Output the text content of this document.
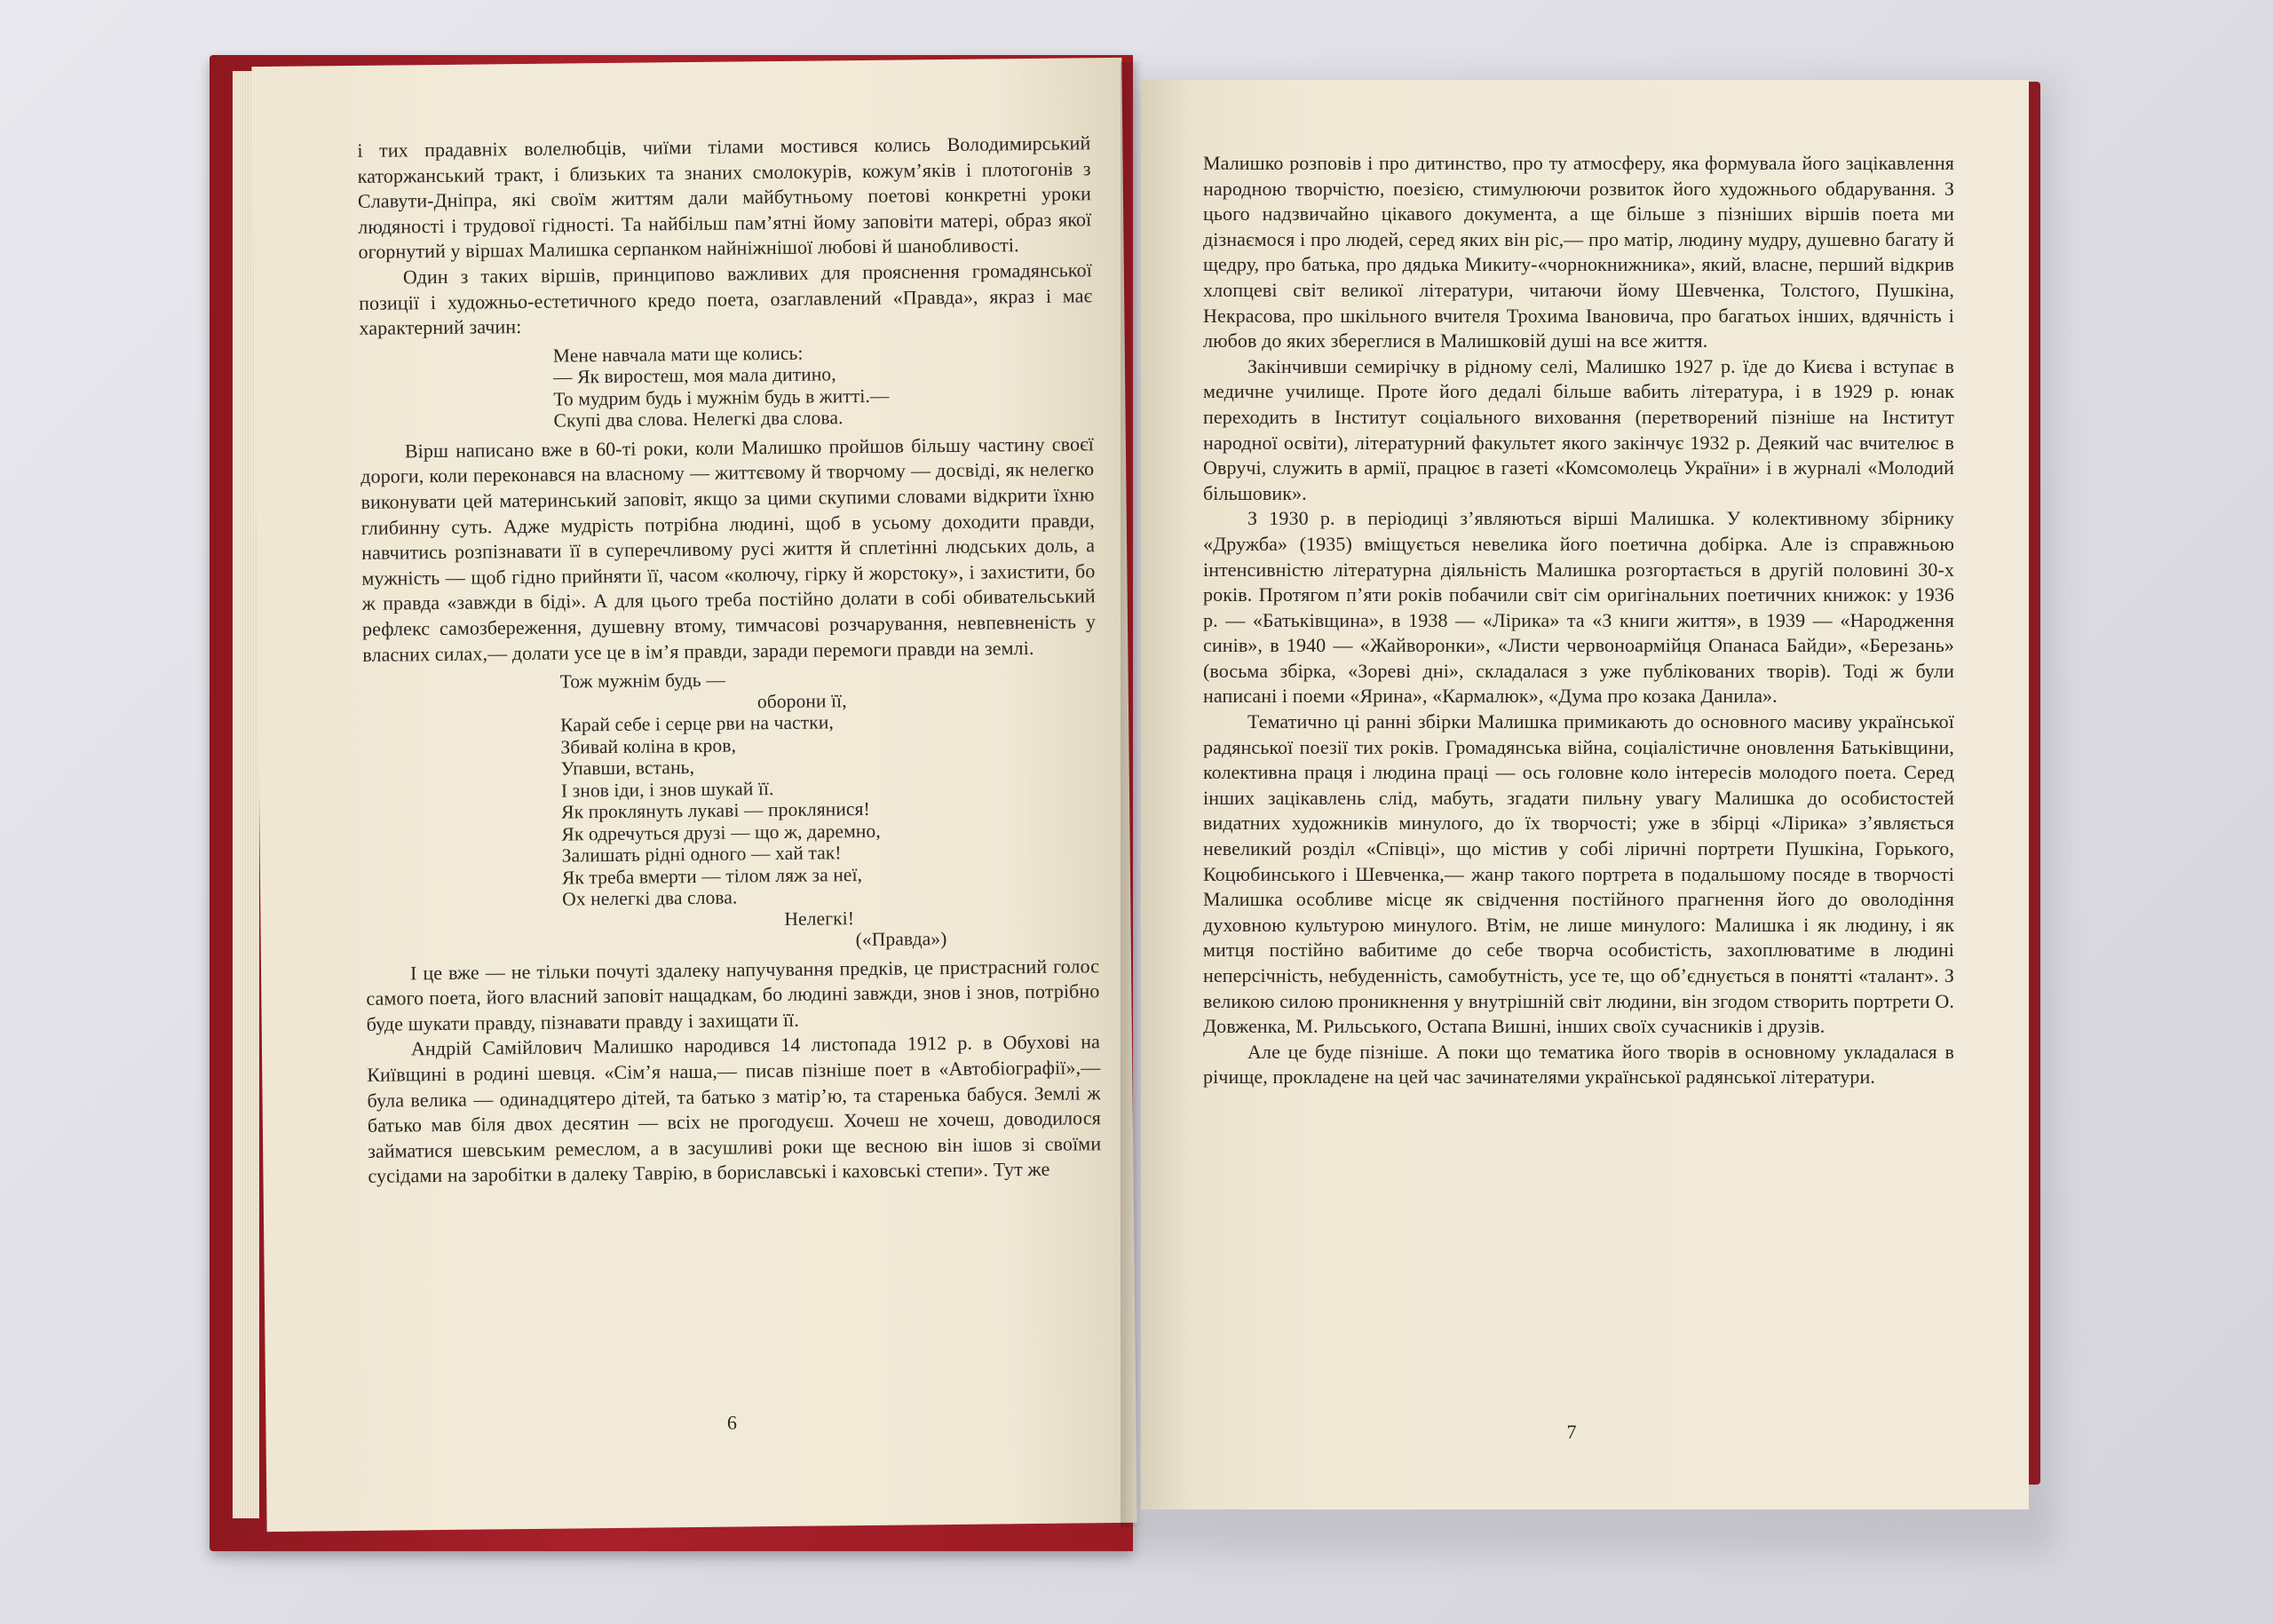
і тих прадавніх волелюбців, чиїми тілами мостився колись Володимирський каторжанський тракт, і близьких та знаних смолокурів, кожум’яків і плотогонів з Славути-Дніпра, які своїм життям дали майбутньому поетові конкретні уроки людяності і трудової гідності. Та найбільш пам’ятні йому заповіти матері, образ якої огорнутий у віршах Малишка серпанком найніжнішої любові й шанобливості.

Один з таких віршів, принципово важливих для прояснення громадянської позиції і художньо-естетичного кредо поета, озаглавлений «Правда», якраз і має характерний зачин:

Мене навчала мати ще колись:
— Як виростеш, моя мала дитино,
То мудрим будь і мужнім будь в житті.—
Скупі два слова. Нелегкі два слова.

Вірш написано вже в 60-ті роки, коли Малишко пройшов більшу частину своєї дороги, коли переконався на власному — життєвому й творчому — досвіді, як нелегко виконувати цей материнський заповіт, якщо за цими скупими словами відкрити їхню глибинну суть. Адже мудрість потрібна людині, щоб в усьому доходити правди, навчитись розпізнавати її в суперечливому русі життя й сплетінні людських доль, а мужність — щоб гідно прийняти її, часом «колючу, гірку й жорстоку», і захистити, бо ж правда «завжди в біді». А для цього треба постійно долати в собі обивательський рефлекс самозбереження, душевну втому, тимчасові розчарування, невпевненість у власних силах,— долати усе це в ім’я правди, заради перемоги правди на землі.

Тож мужнім будь —
оборони її,
Карай себе і серце рви на частки,
Збивай коліна в кров,
Упавши, встань,
І знов іди, і знов шукай її.
Як проклянуть лукаві — проклянися!
Як одречуться друзі — що ж, даремно,
Залишать рідні одного — хай так!
Як треба вмерти — тілом ляж за неї,
Ох нелегкі два слова.
Нелегкі!
(«Правда»)

І це вже — не тільки почуті здалеку напучування предків, це пристрасний голос самого поета, його власний заповіт нащадкам, бо людині завжди, знов і знов, потрібно буде шукати правду, пізнавати правду і захищати її.

Андрій Самійлович Малишко народився 14 листопада 1912 р. в Обухові на Київщині в родині шевця. «Сім’я наша,— писав пізніше поет в «Автобіографії»,— була велика — одинадцятеро дітей, та батько з матір’ю, та старенька бабуся. Землі ж батько мав біля двох десятин — всіх не прогодуєш. Хочеш не хочеш, доводилося займатися шевським ремеслом, а в засушливі роки ще весною він ішов зі своїми сусідами на заробітки в далеку Таврію, в бориславські і каховські степи». Тут же

6

Малишко розповів і про дитинство, про ту атмосферу, яка формувала його зацікавлення народною творчістю, поезією, стимулюючи розвиток його художнього обдарування. З цього надзвичайно цікавого документа, а ще більше з пізніших віршів поета ми дізнаємося і про людей, серед яких він ріс,— про матір, людину мудру, душевно багату й щедру, про батька, про дядька Микиту-«чорнокнижника», який, власне, перший відкрив хлопцеві світ великої літератури, читаючи йому Шевченка, Толстого, Пушкіна, Некрасова, про шкільного вчителя Трохима Івановича, про багатьох інших, вдячність і любов до яких збереглися в Малишковій душі на все життя.

Закінчивши семирічку в рідному селі, Малишко 1927 р. їде до Києва і вступає в медичне училище. Проте його дедалі більше вабить література, і в 1929 р. юнак переходить в Інститут соціального виховання (перетворений пізніше на Інститут народної освіти), літературний факультет якого закінчує 1932 р. Деякий час вчителює в Овручі, служить в армії, працює в газеті «Комсомолець України» і в журналі «Молодий більшовик».

З 1930 р. в періодиці з’являються вірші Малишка. У колективному збірнику «Дружба» (1935) вміщується невелика його поетична добірка. Але із справжньою інтенсивністю літературна діяльність Малишка розгортається в другій половині 30-х років. Протягом п’яти років побачили світ сім оригінальних поетичних книжок: у 1936 р. — «Батьківщина», в 1938 — «Лірика» та «З книги життя», в 1939 — «Народження синів», в 1940 — «Жайворонки», «Листи червоноармійця Опанаса Байди», «Березань» (восьма збірка, «Зореві дні», складалася з уже публікованих творів). Тоді ж були написані і поеми «Ярина», «Кармалюк», «Дума про козака Данила».

Тематично ці ранні збірки Малишка примикають до основного масиву української радянської поезії тих років. Громадянська війна, соціалістичне оновлення Батьківщини, колективна праця і людина праці — ось головне коло інтересів молодого поета. Серед інших зацікавлень слід, мабуть, згадати пильну увагу Малишка до особистостей видатних художників минулого, до їх творчості; уже в збірці «Лірика» з’являється невеликий розділ «Співці», що містив у собі ліричні портрети Пушкіна, Горького, Коцюбинського і Шевченка,— жанр такого портрета в подальшому посяде в творчості Малишка особливе місце як свідчення постійного прагнення його до оволодіння духовною культурою минулого. Втім, не лише минулого: Малишка і як людину, і як митця постійно вабитиме до себе творча особистість, захоплюватиме в людині неперсічність, небуденність, самобутність, усе те, що об’єднується в понятті «талант». З великою силою проникнення у внутрішній світ людини, він згодом створить портрети О. Довженка, М. Рильського, Остапа Вишні, інших своїх сучасників і друзів.

Але це буде пізніше. А поки що тематика його творів в основному укладалася в річище, прокладене на цей час зачинателями української радянської літератури.

7
